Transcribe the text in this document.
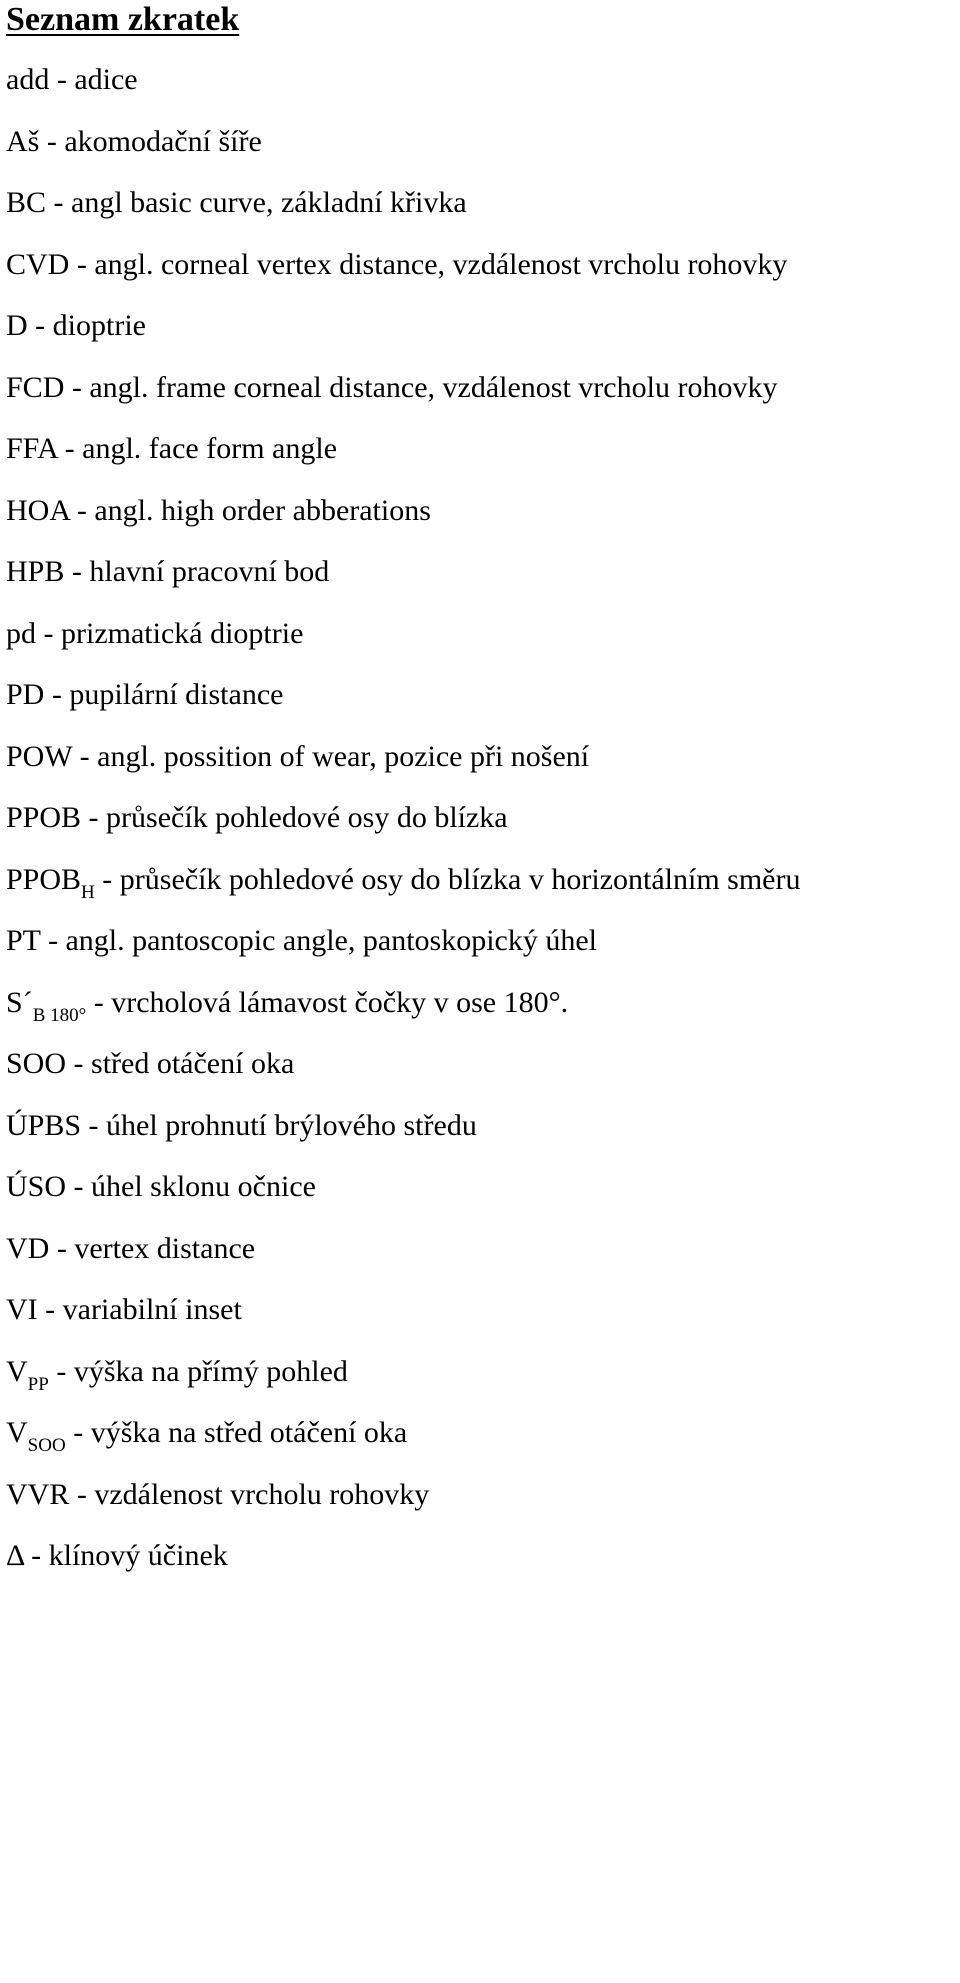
Seznam zkratek
add - adice
Aš - akomodační šíře
BC - angl basic curve, základní křivka
CVD - angl. corneal vertex distance, vzdálenost vrcholu rohovky
D - dioptrie
FCD - angl. frame corneal distance, vzdálenost vrcholu rohovky
FFA - angl. face form angle
HOA - angl. high order abberations
HPB - hlavní pracovní bod
pd - prizmatická dioptrie
PD - pupilární distance
POW - angl. possition of wear, pozice při nošení
PPOB - průsečík pohledové osy do blízka
$PPOB_H$ - průsečík pohledové osy do blízka v horizontálním směru
PT - angl. pantoscopic angle, pantoskopický úhel
$S´_{B 180^\circ}$ - vrcholová lámavost čočky v ose 180°.
SOO - střed otáčení oka
ÚPBS - úhel prohnutí brýlového středu
ÚSO - úhel sklonu očnice
VD - vertex distance
VI - variabilní inset
$V_{PP}$ - výška na přímý pohled
$V_{SOO}$ - výška na střed otáčení oka
VVR - vzdálenost vrcholu rohovky
Δ - klínový účinek
